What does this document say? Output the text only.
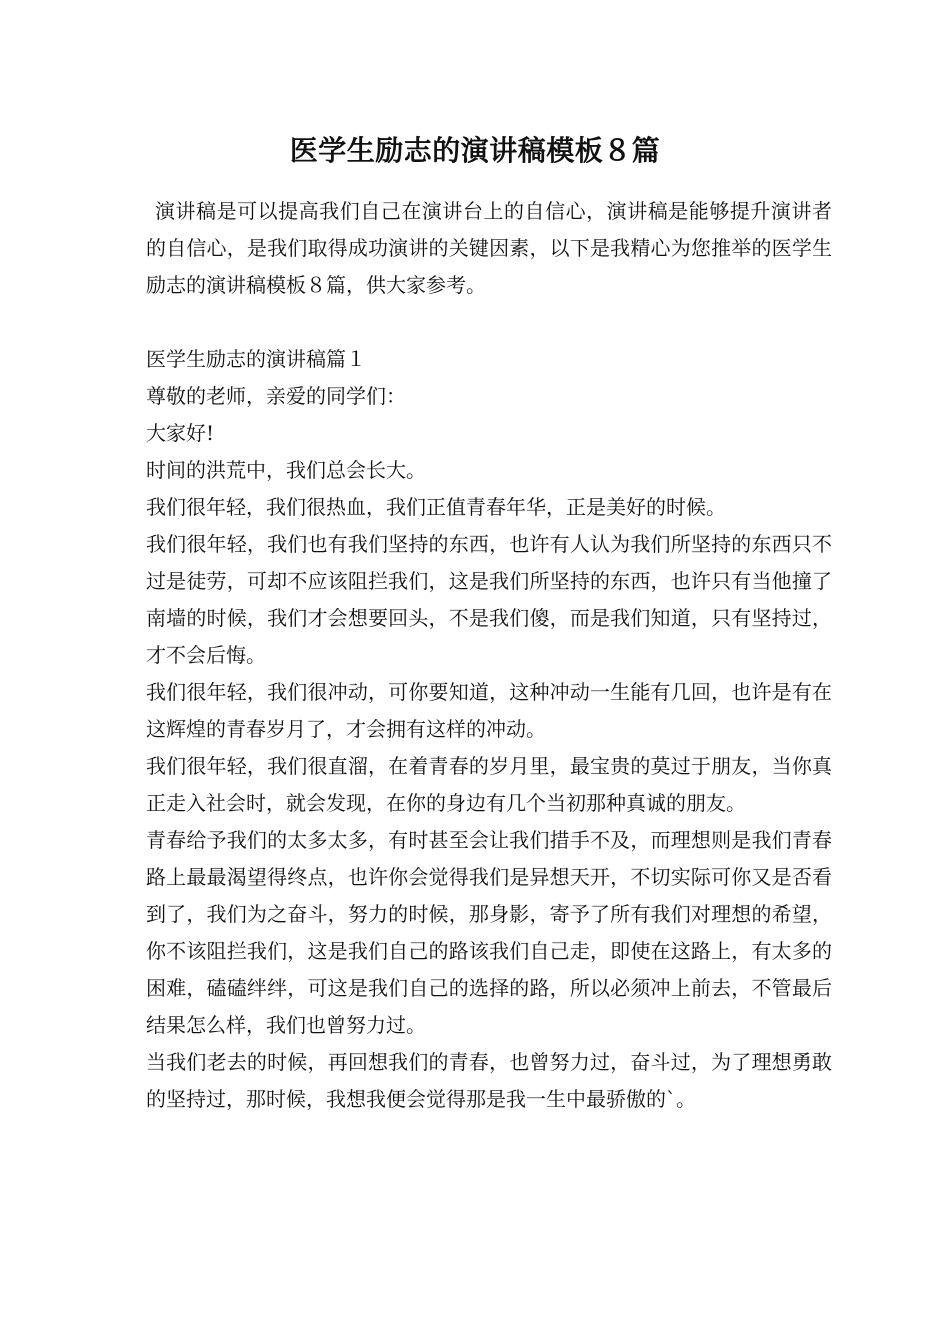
医学生励志的演讲稿模板８篇

演讲稿是可以提高我们自己在演讲台上的自信心，演讲稿是能够提升演讲者的自信心，是我们取得成功演讲的关键因素，以下是我精心为您推举的医学生励志的演讲稿模板８篇，供大家参考。

医学生励志的演讲稿篇１

尊敬的老师，亲爱的同学们：

大家好!

时间的洪荒中，我们总会长大。

我们很年轻，我们很热血，我们正值青春年华，正是美好的时候。

我们很年轻，我们也有我们坚持的东西，也许有人认为我们所坚持的东西只不过是徒劳，可却不应该阻拦我们，这是我们所坚持的东西，也许只有当他撞了南墙的时候，我们才会想要回头，不是我们傻，而是我们知道，只有坚持过，才不会后悔。

我们很年轻，我们很冲动，可你要知道，这种冲动一生能有几回，也许是有在这辉煌的青春岁月了，才会拥有这样的冲动。

我们很年轻，我们很直溜，在着青春的岁月里，最宝贵的莫过于朋友，当你真正走入社会时，就会发现，在你的身边有几个当初那种真诚的朋友。

青春给予我们的太多太多，有时甚至会让我们措手不及，而理想则是我们青春路上最最渴望得终点，也许你会觉得我们是异想天开，不切实际可你又是否看到了，我们为之奋斗，努力的时候，那身影，寄予了所有我们对理想的希望，你不该阻拦我们，这是我们自己的路该我们自己走，即使在这路上，有太多的困难，磕磕绊绊，可这是我们自己的选择的路，所以必须冲上前去，不管最后结果怎么样，我们也曾努力过。

当我们老去的时候，再回想我们的青春，也曾努力过，奋斗过，为了理想勇敢的坚持过，那时候，我想我便会觉得那是我一生中最骄傲的`。
